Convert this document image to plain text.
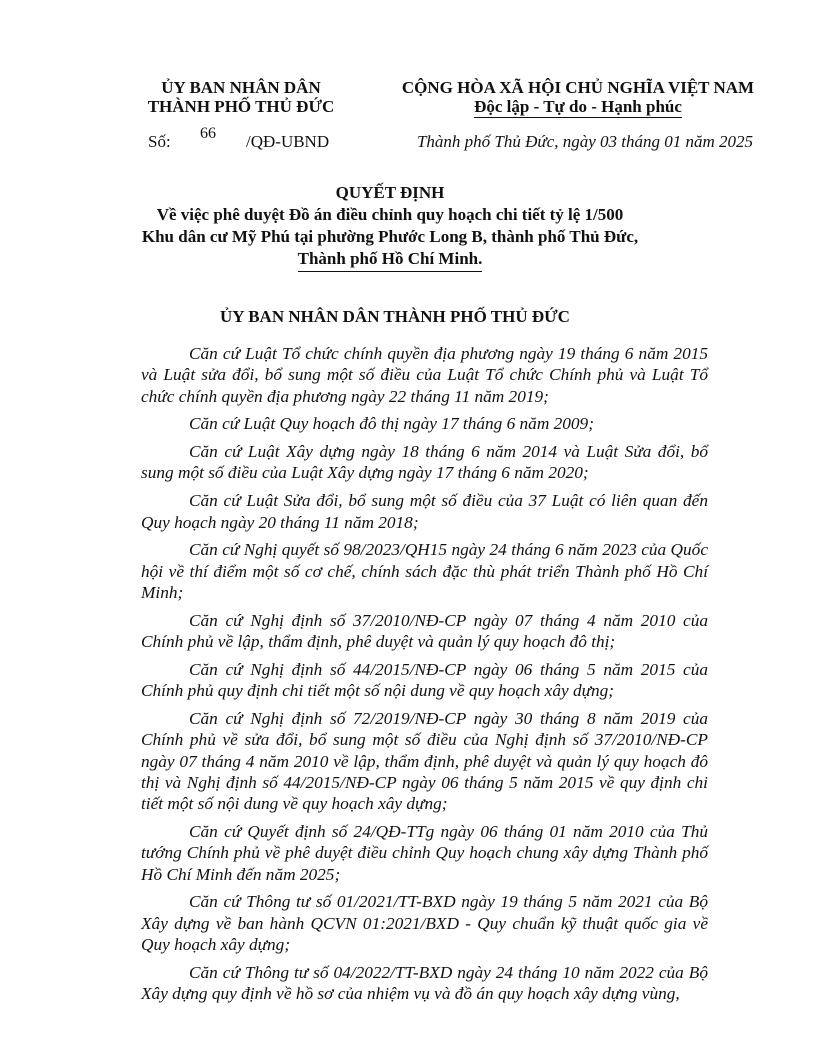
ỦY BAN NHÂN DÂN
THÀNH PHỐ THỦ ĐỨC
CỘNG HÒA XÃ HỘI CHỦ NGHĨA VIỆT NAM
Độc lập - Tự do - Hạnh phúc
Số: 66 /QĐ-UBND	Thành phố Thủ Đức, ngày 03 tháng 01 năm 2025
QUYẾT ĐỊNH
Về việc phê duyệt Đồ án điều chỉnh quy hoạch chi tiết tỷ lệ 1/500
Khu dân cư Mỹ Phú tại phường Phước Long B, thành phố Thủ Đức,
Thành phố Hồ Chí Minh.
ỦY BAN NHÂN DÂN THÀNH PHỐ THỦ ĐỨC

Căn cứ Luật Tổ chức chính quyền địa phương ngày 19 tháng 6 năm 2015 và Luật sửa đổi, bổ sung một số điều của Luật Tổ chức Chính phủ và Luật Tổ chức chính quyền địa phương ngày 22 tháng 11 năm 2019;

Căn cứ Luật Quy hoạch đô thị ngày 17 tháng 6 năm 2009;

Căn cứ Luật Xây dựng ngày 18 tháng 6 năm 2014 và Luật Sửa đổi, bổ sung một số điều của Luật Xây dựng ngày 17 tháng 6 năm 2020;

Căn cứ Luật Sửa đổi, bổ sung một số điều của 37 Luật có liên quan đến Quy hoạch ngày 20 tháng 11 năm 2018;

Căn cứ Nghị quyết số 98/2023/QH15 ngày 24 tháng 6 năm 2023 của Quốc hội về thí điểm một số cơ chế, chính sách đặc thù phát triển Thành phố Hồ Chí Minh;

Căn cứ Nghị định số 37/2010/NĐ-CP ngày 07 tháng 4 năm 2010 của Chính phủ về lập, thẩm định, phê duyệt và quản lý quy hoạch đô thị;

Căn cứ Nghị định số 44/2015/NĐ-CP ngày 06 tháng 5 năm 2015 của Chính phủ quy định chi tiết một số nội dung về quy hoạch xây dựng;

Căn cứ Nghị định số 72/2019/NĐ-CP ngày 30 tháng 8 năm 2019 của Chính phủ về sửa đổi, bổ sung một số điều của Nghị định số 37/2010/NĐ-CP ngày 07 tháng 4 năm 2010 về lập, thẩm định, phê duyệt và quản lý quy hoạch đô thị và Nghị định số 44/2015/NĐ-CP ngày 06 tháng 5 năm 2015 về quy định chi tiết một số nội dung về quy hoạch xây dựng;

Căn cứ Quyết định số 24/QĐ-TTg ngày 06 tháng 01 năm 2010 của Thủ tướng Chính phủ về phê duyệt điều chỉnh Quy hoạch chung xây dựng Thành phố Hồ Chí Minh đến năm 2025;

Căn cứ Thông tư số 01/2021/TT-BXD ngày 19 tháng 5 năm 2021 của Bộ Xây dựng về ban hành QCVN 01:2021/BXD - Quy chuẩn kỹ thuật quốc gia về Quy hoạch xây dựng;

Căn cứ Thông tư số 04/2022/TT-BXD ngày 24 tháng 10 năm 2022 của Bộ Xây dựng quy định về hồ sơ của nhiệm vụ và đồ án quy hoạch xây dựng vùng,
